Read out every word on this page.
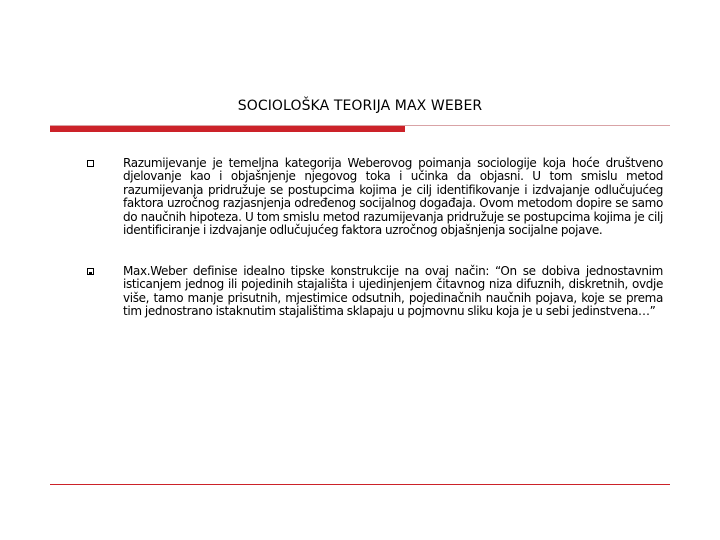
SOCIOLOŠKA TEORIJA MAX WEBER

Razumijevanje je temeljna kategorija Weberovog poimanja sociologije koja hoće društveno djelovanje kao i objašnjenje njegovog toka i učinka da objasni. U tom smislu metod razumijevanja pridružuje se postupcima kojima je cilj identifikovanje i izdvajanje odlučujućeg faktora uzročnog razjasnjenja određenog socijalnog događaja. Ovom metodom dopire se samo do naučnih hipoteza. U tom smislu metod razumijevanja pridružuje se postupcima kojima je cilj identificiranje i izdvajanje odlučujućeg faktora uzročnog objašnjenja socijalne pojave.

Max.Weber definise idealno tipske konstrukcije na ovaj način: “On se dobiva jednostavnim isticanjem jednog ili pojedinih stajališta i ujedinjenjem čitavnog niza difuznih, diskretnih, ovdje više, tamo manje prisutnih, mjestimice odsutnih, pojedinačnih naučnih pojava, koje se prema tim jednostrano istaknutim stajalištima sklapaju u pojmovnu sliku koja je u sebi jedinstvena…”
